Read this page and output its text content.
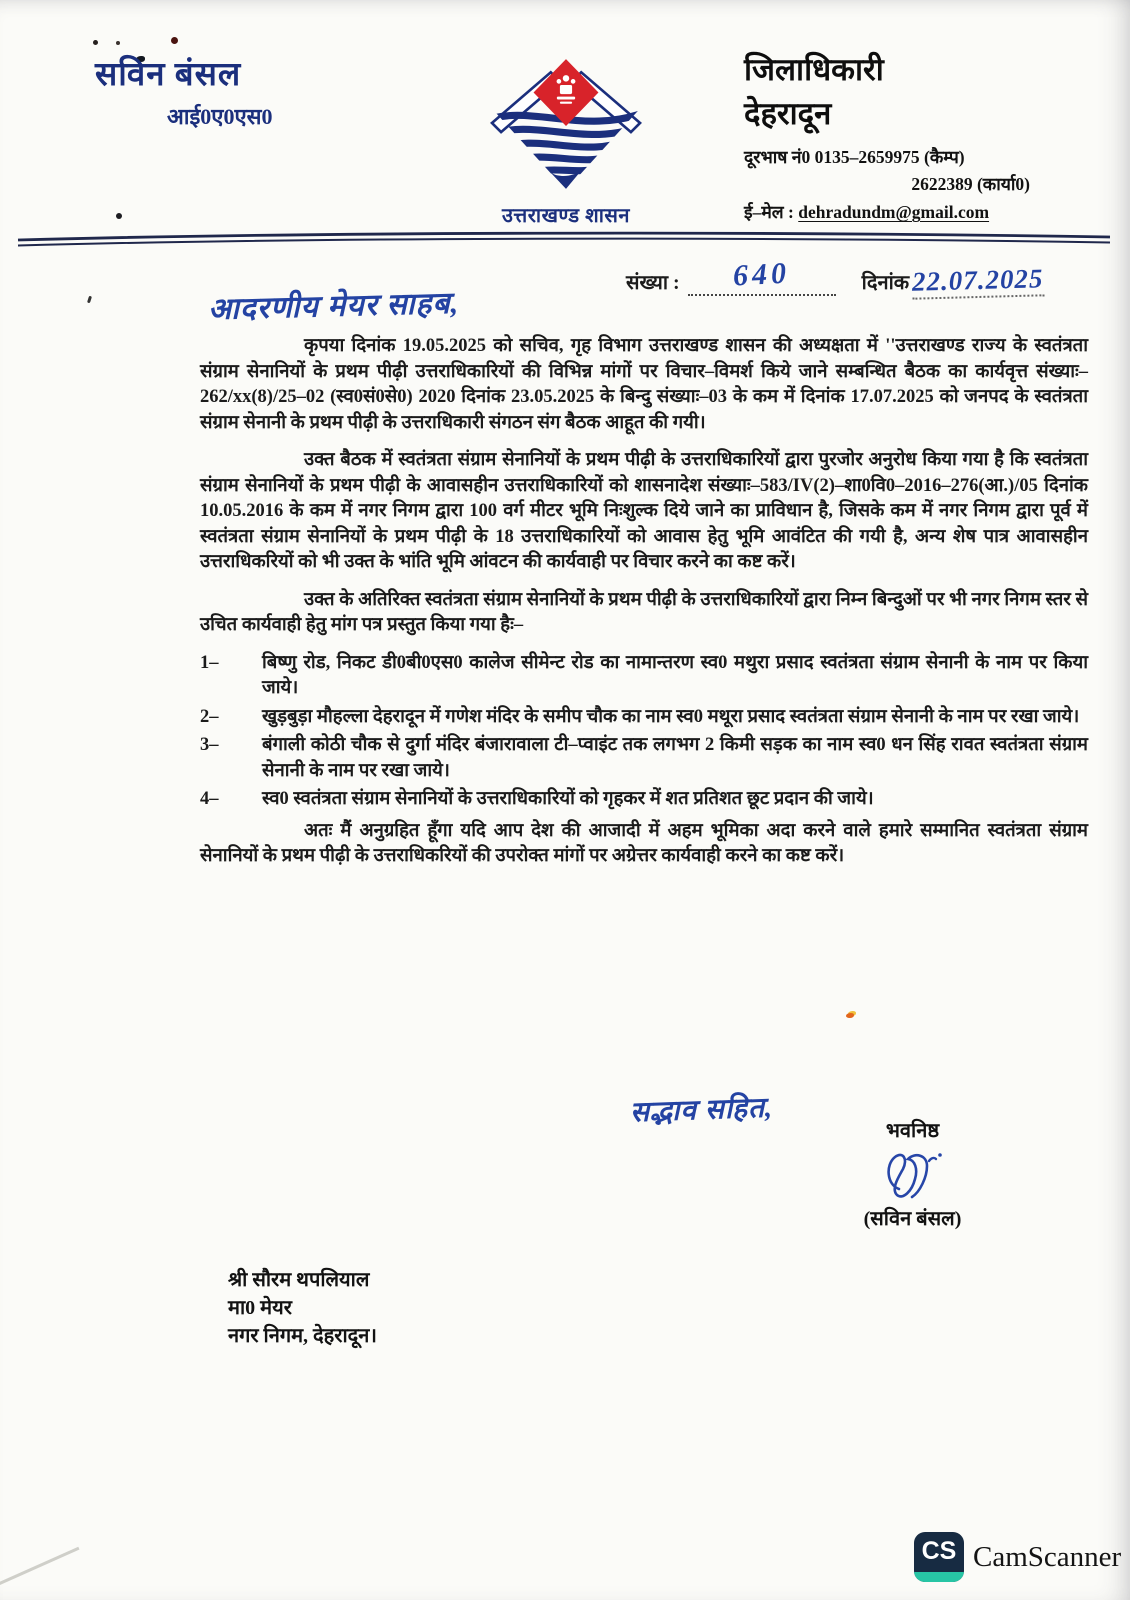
सविन बंसल
आई0ए0एस0
उत्तराखण्ड शासन
जिलाधिकारी
देहरादून
दूरभाष नं0 0135–2659975 (कैम्प)
2622389 (कार्या0)
ई–मेल : dehradundm@gmail.com
संख्या :	640	दिनांक 22.07.2025
आदरणीय मेयर साहब,

कृपया दिनांक 19.05.2025 को सचिव, गृह विभाग उत्तराखण्ड शासन की अध्यक्षता में ''उत्तराखण्ड राज्य के स्वतंत्रता संग्राम सेनानियों के प्रथम पीढ़ी उत्तराधिकारियों की विभिन्न मांगों पर विचार–विमर्श किये जाने सम्बन्धित बैठक का कार्यवृत्त संख्याः–262/xx(8)/25–02 (स्व0सं0से0) 2020 दिनांक 23.05.2025 के बिन्दु संख्याः–03 के कम में दिनांक 17.07.2025 को जनपद के स्वतंत्रता संग्राम सेनानी के प्रथम पीढ़ी के उत्तराधिकारी संगठन संग बैठक आहूत की गयी।

उक्त बैठक में स्वतंत्रता संग्राम सेनानियों के प्रथम पीढ़ी के उत्तराधिकारियों द्वारा पुरजोर अनुरोध किया गया है कि स्वतंत्रता संग्राम सेनानियों के प्रथम पीढ़ी के आवासहीन उत्तराधिकारियों को शासनादेश संख्याः–583/IV(2)–शा0वि0–2016–276(आ.)/05 दिनांक 10.05.2016 के कम में नगर निगम द्वारा 100 वर्ग मीटर भूमि निःशुल्क दिये जाने का प्राविधान है, जिसके कम में नगर निगम द्वारा पूर्व में स्वतंत्रता संग्राम सेनानियों के प्रथम पीढ़ी के 18 उत्तराधिकारियों को आवास हेतु भूमि आवंटित की गयी है, अन्य शेष पात्र आवासहीन उत्तराधिकरियों को भी उक्त के भांति भूमि आंवटन की कार्यवाही पर विचार करने का कष्ट करें।

उक्त के अतिरिक्त स्वतंत्रता संग्राम सेनानियों के प्रथम पीढ़ी के उत्तराधिकारियों द्वारा निम्न बिन्दुओं पर भी नगर निगम स्तर से उचित कार्यवाही हेतु मांग पत्र प्रस्तुत किया गया हैः–

1–	बिष्णु रोड, निकट डी0बी0एस0 कालेज सीमेन्ट रोड का नामान्तरण स्व0 मथुरा प्रसाद स्वतंत्रता संग्राम सेनानी के नाम पर किया जाये।
2–	खुड़बुड़ा मौहल्ला देहरादून में गणेश मंदिर के समीप चौक का नाम स्व0 मथूरा प्रसाद स्वतंत्रता संग्राम सेनानी के नाम पर रखा जाये।
3–	बंगाली कोठी चौक से दुर्गा मंदिर बंजारावाला टी–प्वाइंट तक लगभग 2 किमी सड़क का नाम स्व0 धन सिंह रावत स्वतंत्रता संग्राम सेनानी के नाम पर रखा जाये।
4–	स्व0 स्वतंत्रता संग्राम सेनानियों के उत्तराधिकारियों को गृहकर में शत प्रतिशत छूट प्रदान की जाये।

अतः मैं अनुग्रहित हूँगा यदि आप देश की आजादी में अहम भूमिका अदा करने वाले हमारे सम्मानित स्वतंत्रता संग्राम सेनानियों के प्रथम पीढ़ी के उत्तराधिकरियों की उपरोक्त मांगों पर अग्रेत्तर कार्यवाही करने का कष्ट करें।

सद्भाव सहित,
भवनिष्ठ
(सविन बंसल)
श्री सौरम थपलियाल
मा0 मेयर
नगर निगम, देहरादून।
CS CamScanner
